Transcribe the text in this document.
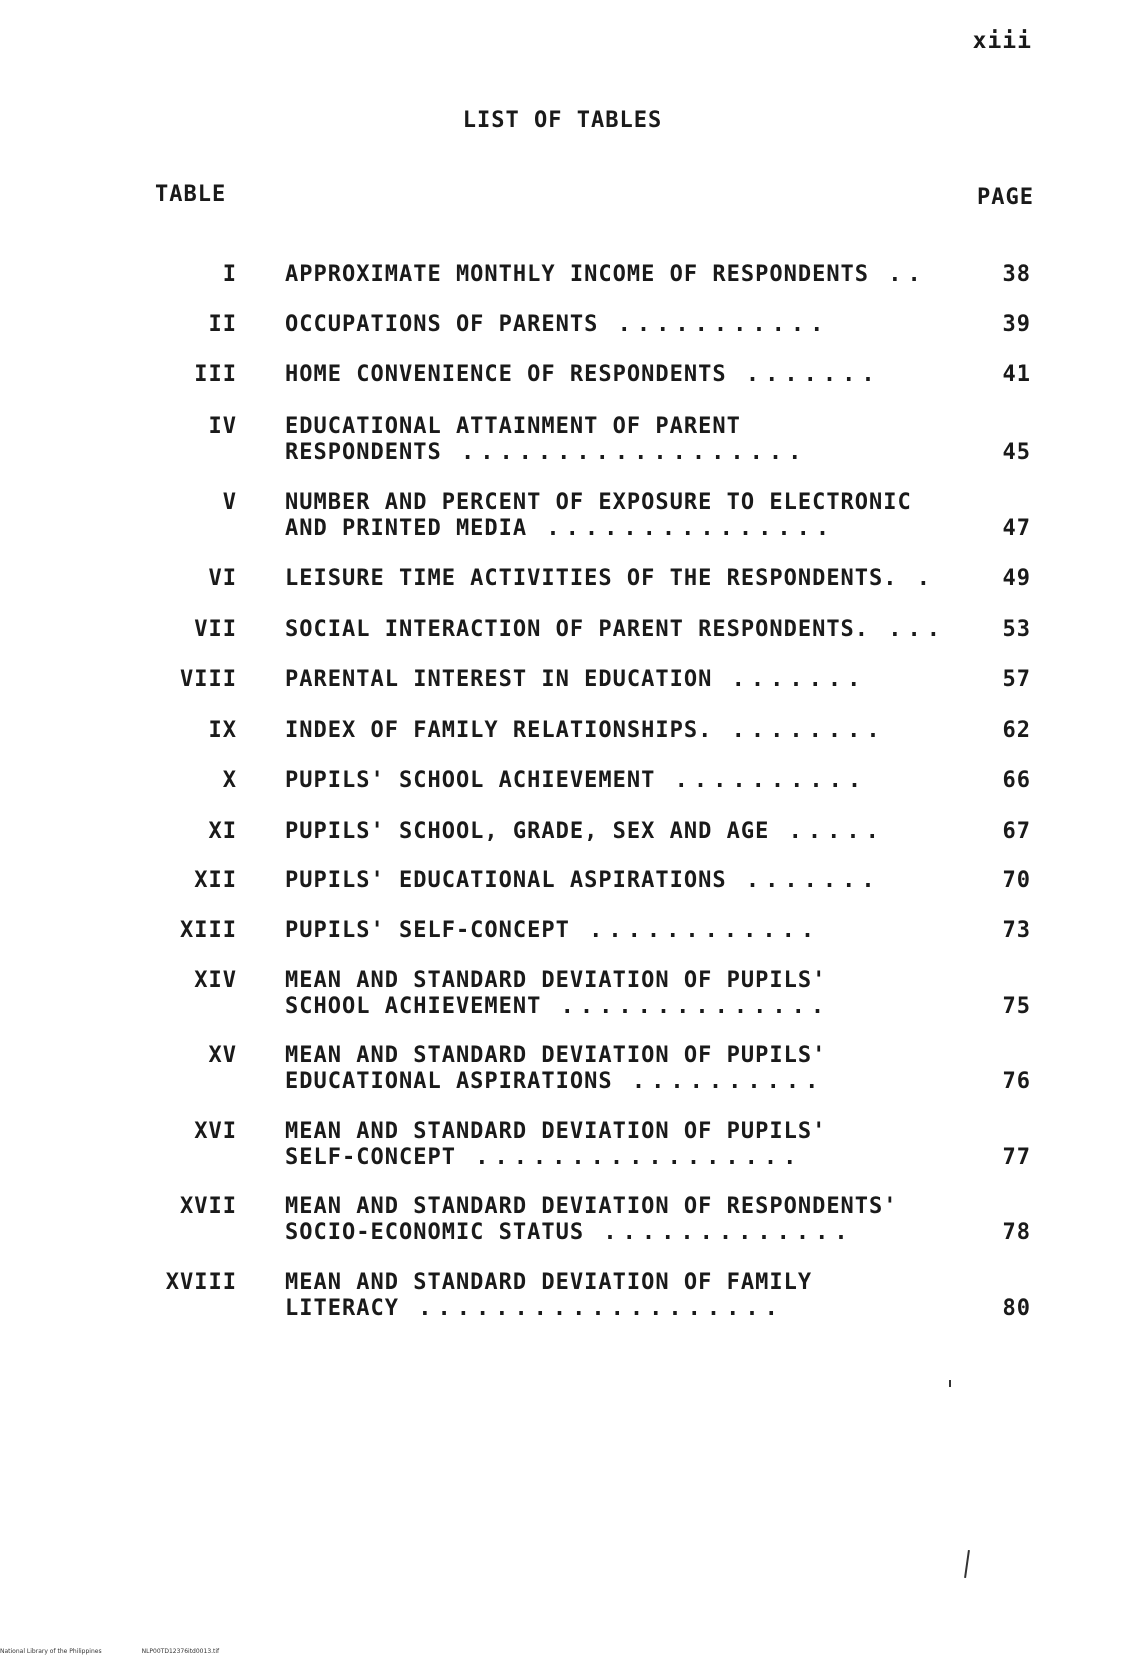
xiii
LIST OF TABLES
TABLE	PAGE
I APPROXIMATE MONTHLY INCOME OF RESPONDENTS ..	38
II OCCUPATIONS OF PARENTS ...........	39
III HOME CONVENIENCE OF RESPONDENTS .......	41
IV EDUCATIONAL ATTAINMENT OF PARENT
RESPONDENTS ..................	45
V NUMBER AND PERCENT OF EXPOSURE TO ELECTRONIC
AND PRINTED MEDIA ...............	47
VI LEISURE TIME ACTIVITIES OF THE RESPONDENTS. .	49
VII SOCIAL INTERACTION OF PARENT RESPONDENTS. ...	53
VIII PARENTAL INTEREST IN EDUCATION .......	57
IX INDEX OF FAMILY RELATIONSHIPS. ........	62
X PUPILS' SCHOOL ACHIEVEMENT ..........	66
XI PUPILS' SCHOOL, GRADE, SEX AND AGE .....	67
XII PUPILS' EDUCATIONAL ASPIRATIONS .......	70
XIII PUPILS' SELF-CONCEPT ............	73
XIV MEAN AND STANDARD DEVIATION OF PUPILS'
SCHOOL ACHIEVEMENT ..............	75
XV MEAN AND STANDARD DEVIATION OF PUPILS'
EDUCATIONAL ASPIRATIONS ..........	76
XVI MEAN AND STANDARD DEVIATION OF PUPILS'
SELF-CONCEPT .................	77
XVII MEAN AND STANDARD DEVIATION OF RESPONDENTS'
SOCIO-ECONOMIC STATUS .............	78
XVIII MEAN AND STANDARD DEVIATION OF FAMILY
LITERACY ...................	80
National Library of the Philippines	NLP00TD12376itd0013.tif
